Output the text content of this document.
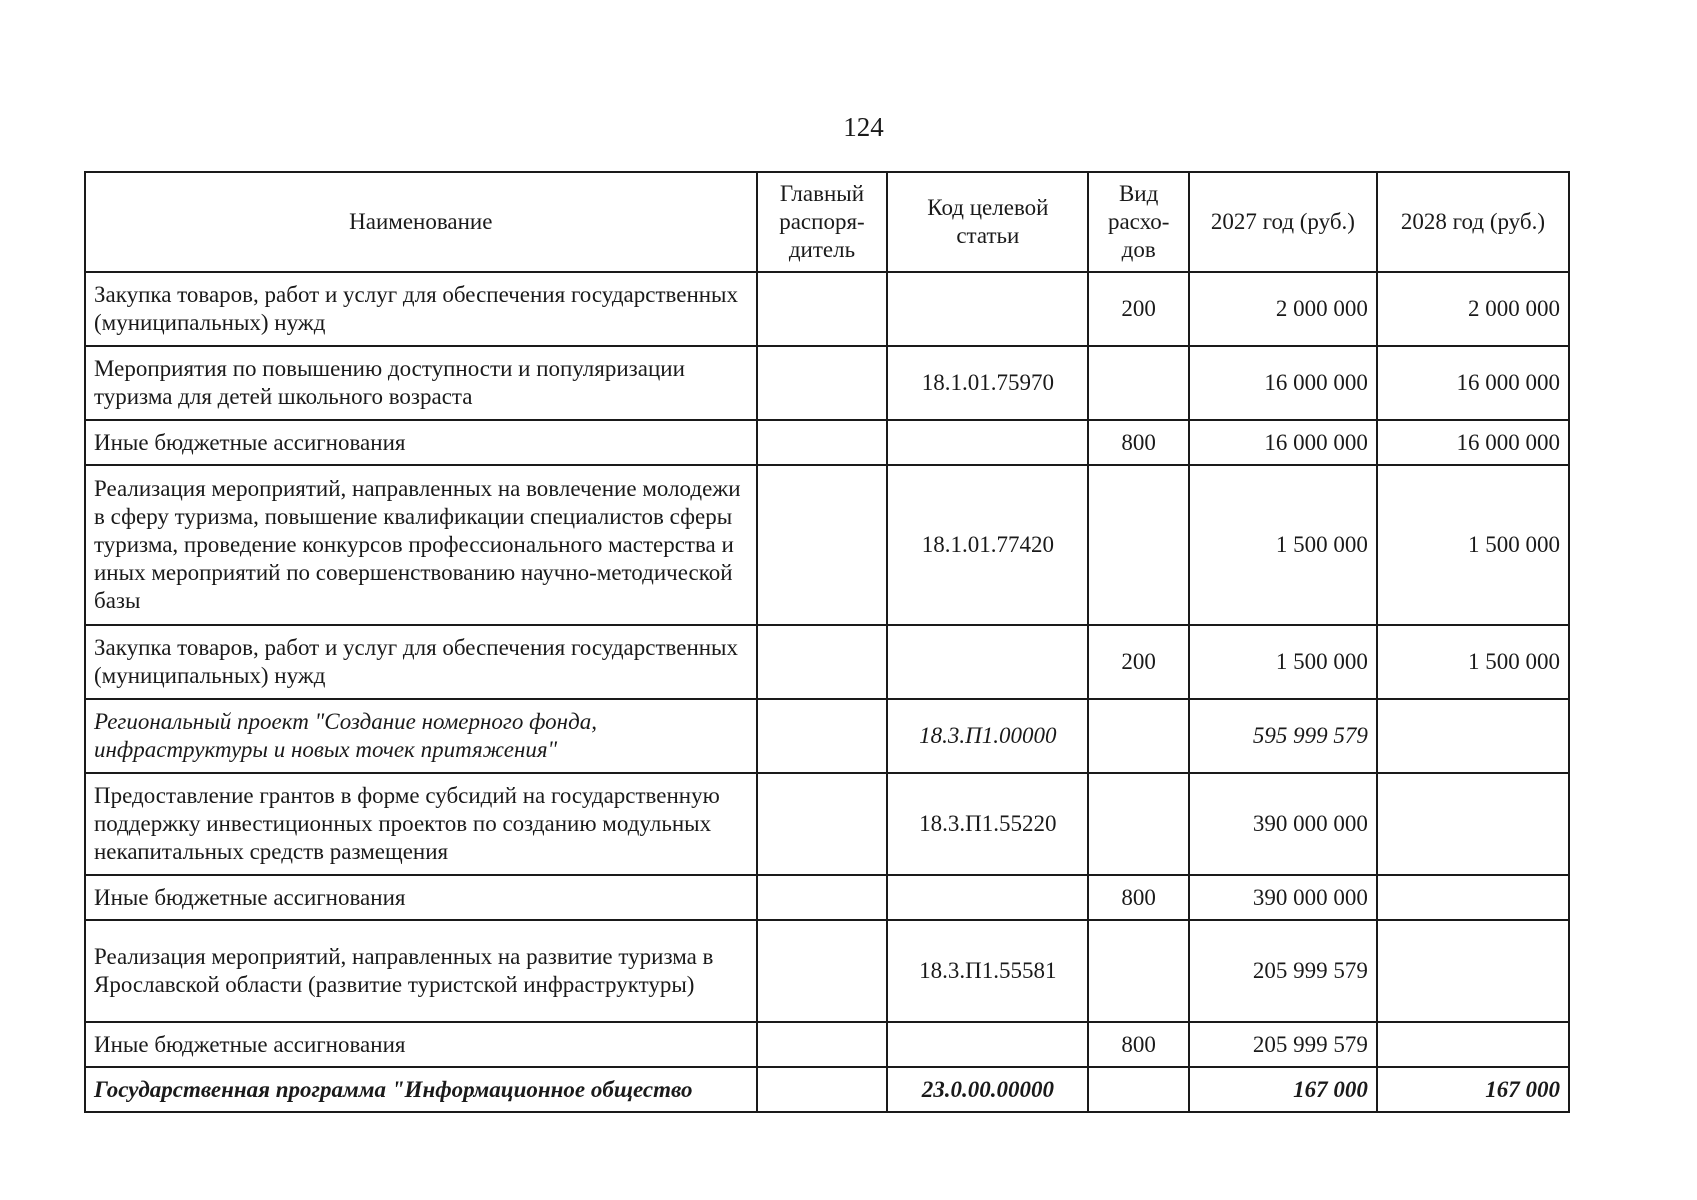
124
Наименование	Главный распоря-дитель	Код целевой статьи	Вид расхо-дов	2027 год (руб.)	2028 год (руб.)
Закупка товаров, работ и услуг для обеспечения государственных (муниципальных) нужд			200	2 000 000	2 000 000
Мероприятия по повышению доступности и популяризации туризма для детей школьного возраста		18.1.01.75970		16 000 000	16 000 000
Иные бюджетные ассигнования			800	16 000 000	16 000 000
Реализация мероприятий, направленных на вовлечение молодежи в сферу туризма, повышение квалификации специалистов сферы туризма, проведение конкурсов профессионального мастерства и иных мероприятий по совершенствованию научно-методической базы		18.1.01.77420		1 500 000	1 500 000
Закупка товаров, работ и услуг для обеспечения государственных (муниципальных) нужд			200	1 500 000	1 500 000
Региональный проект "Создание номерного фонда, инфраструктуры и новых точек притяжения"		18.3.П1.00000		595 999 579	
Предоставление грантов в форме субсидий на государственную поддержку инвестиционных проектов по созданию модульных некапитальных средств размещения		18.3.П1.55220		390 000 000	
Иные бюджетные ассигнования			800	390 000 000	
Реализация мероприятий, направленных на развитие туризма в Ярославской области (развитие туристской инфраструктуры)		18.3.П1.55581		205 999 579	
Иные бюджетные ассигнования			800	205 999 579	
Государственная программа "Информационное общество		23.0.00.00000		167 000	167 000
